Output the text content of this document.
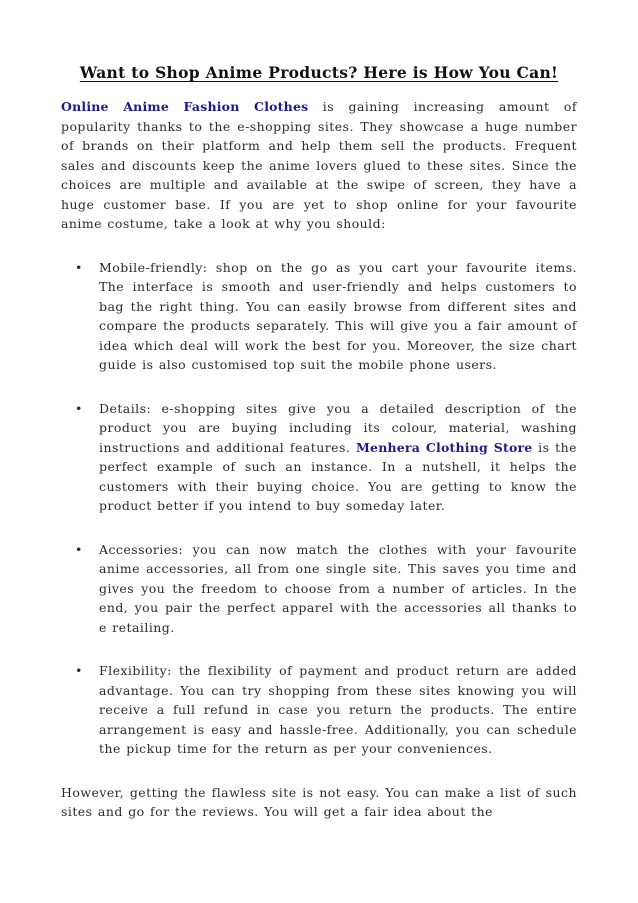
Want to Shop Anime Products? Here is How You Can!

Online Anime Fashion Clothes is gaining increasing amount of popularity thanks to the e-shopping sites. They showcase a huge number of brands on their platform and help them sell the products. Frequent sales and discounts keep the anime lovers glued to these sites. Since the choices are multiple and available at the swipe of screen, they have a huge customer base. If you are yet to shop online for your favourite anime costume, take a look at why you should:

• Mobile-friendly: shop on the go as you cart your favourite items. The interface is smooth and user-friendly and helps customers to bag the right thing. You can easily browse from different sites and compare the products separately. This will give you a fair amount of idea which deal will work the best for you. Moreover, the size chart guide is also customised top suit the mobile phone users.

• Details: e-shopping sites give you a detailed description of the product you are buying including its colour, material, washing instructions and additional features. Menhera Clothing Store is the perfect example of such an instance. In a nutshell, it helps the customers with their buying choice. You are getting to know the product better if you intend to buy someday later.

• Accessories: you can now match the clothes with your favourite anime accessories, all from one single site. This saves you time and gives you the freedom to choose from a number of articles. In the end, you pair the perfect apparel with the accessories all thanks to e retailing.

• Flexibility: the flexibility of payment and product return are added advantage. You can try shopping from these sites knowing you will receive a full refund in case you return the products. The entire arrangement is easy and hassle-free. Additionally, you can schedule the pickup time for the return as per your conveniences.

However, getting the flawless site is not easy. You can make a list of such sites and go for the reviews. You will get a fair idea about the
